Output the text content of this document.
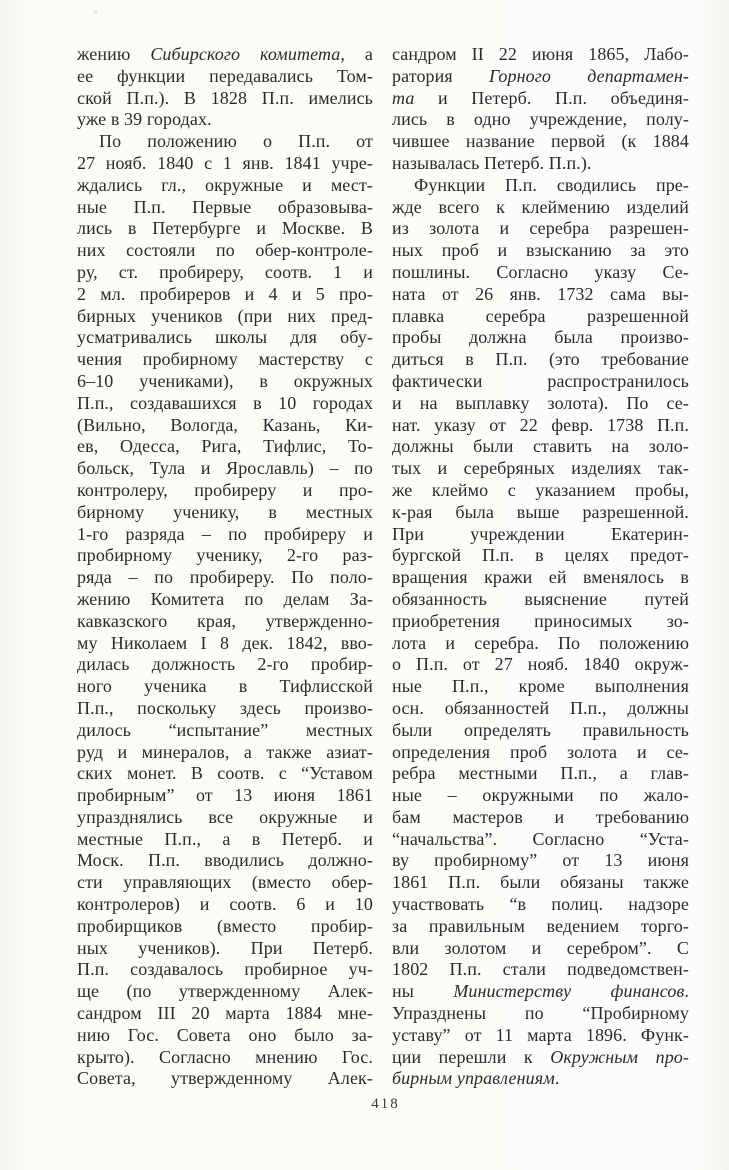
×
жению Сибирского комитета, а
ее функции передавались Том-
ской П.п.). В 1828 П.п. имелись
уже в 39 городах.
По положению о П.п. от
27 нояб. 1840 с 1 янв. 1841 учре-
ждались гл., окружные и мест-
ные П.п. Первые образовыва-
лись в Петербурге и Москве. В
них состояли по обер-контроле-
ру, ст. пробиреру, соотв. 1 и
2 мл. пробиреров и 4 и 5 про-
бирных учеников (при них пред-
усматривались школы для обу-
чения пробирному мастерству с
6–10 учениками), в окружных
П.п., создавашихся в 10 городах
(Вильно, Вологда, Казань, Ки-
ев, Одесса, Рига, Тифлис, То-
больск, Тула и Ярославль) – по
контролеру, пробиреру и про-
бирному ученику, в местных
1-го разряда – по пробиреру и
пробирному ученику, 2-го раз-
ряда – по пробиреру. По поло-
жению Комитета по делам За-
кавказского края, утвержденно-
му Николаем I 8 дек. 1842, вво-
дилась должность 2-го пробир-
ного ученика в Тифлисской
П.п., поскольку здесь произво-
дилось “испытание” местных
руд и минералов, а также азиат-
ских монет. В соотв. с “Уставом
пробирным” от 13 июня 1861
упразднялись все окружные и
местные П.п., а в Петерб. и
Моск. П.п. вводились должно-
сти управляющих (вместо обер-
контролеров) и соотв. 6 и 10
пробирщиков (вместо пробир-
ных учеников). При Петерб.
П.п. создавалось пробирное уч-
ще (по утвержденному Алек-
сандром III 20 марта 1884 мне-
нию Гос. Совета оно было за-
крыто). Согласно мнению Гос.
Совета, утвержденному Алек-
сандром II 22 июня 1865, Лабо-
ратория Горного департамен-
та и Петерб. П.п. объединя-
лись в одно учреждение, полу-
чившее название первой (к 1884
называлась Петерб. П.п.).
Функции П.п. сводились пре-
жде всего к клеймению изделий
из золота и серебра разрешен-
ных проб и взысканию за это
пошлины. Согласно указу Се-
ната от 26 янв. 1732 сама вы-
плавка серебра разрешенной
пробы должна была произво-
диться в П.п. (это требование
фактически распространилось
и на выплавку золота). По се-
нат. указу от 22 февр. 1738 П.п.
должны были ставить на золо-
тых и серебряных изделиях так-
же клеймо с указанием пробы,
к-рая была выше разрешенной.
При учреждении Екатерин-
бургской П.п. в целях предот-
вращения кражи ей вменялось в
обязанность выяснение путей
приобретения приносимых зо-
лота и серебра. По положению
о П.п. от 27 нояб. 1840 окруж-
ные П.п., кроме выполнения
осн. обязанностей П.п., должны
были определять правильность
определения проб золота и се-
ребра местными П.п., а глав-
ные – окружными по жало-
бам мастеров и требованию
“начальства”. Согласно “Уста-
ву пробирному” от 13 июня
1861 П.п. были обязаны также
участвовать “в полиц. надзоре
за правильным ведением торго-
вли золотом и серебром”. С
1802 П.п. стали подведомствен-
ны Министерству финансов.
Упразднены по “Пробирному
уставу” от 11 марта 1896. Функ-
ции перешли к Окружным про-
бирным управлениям.
418
